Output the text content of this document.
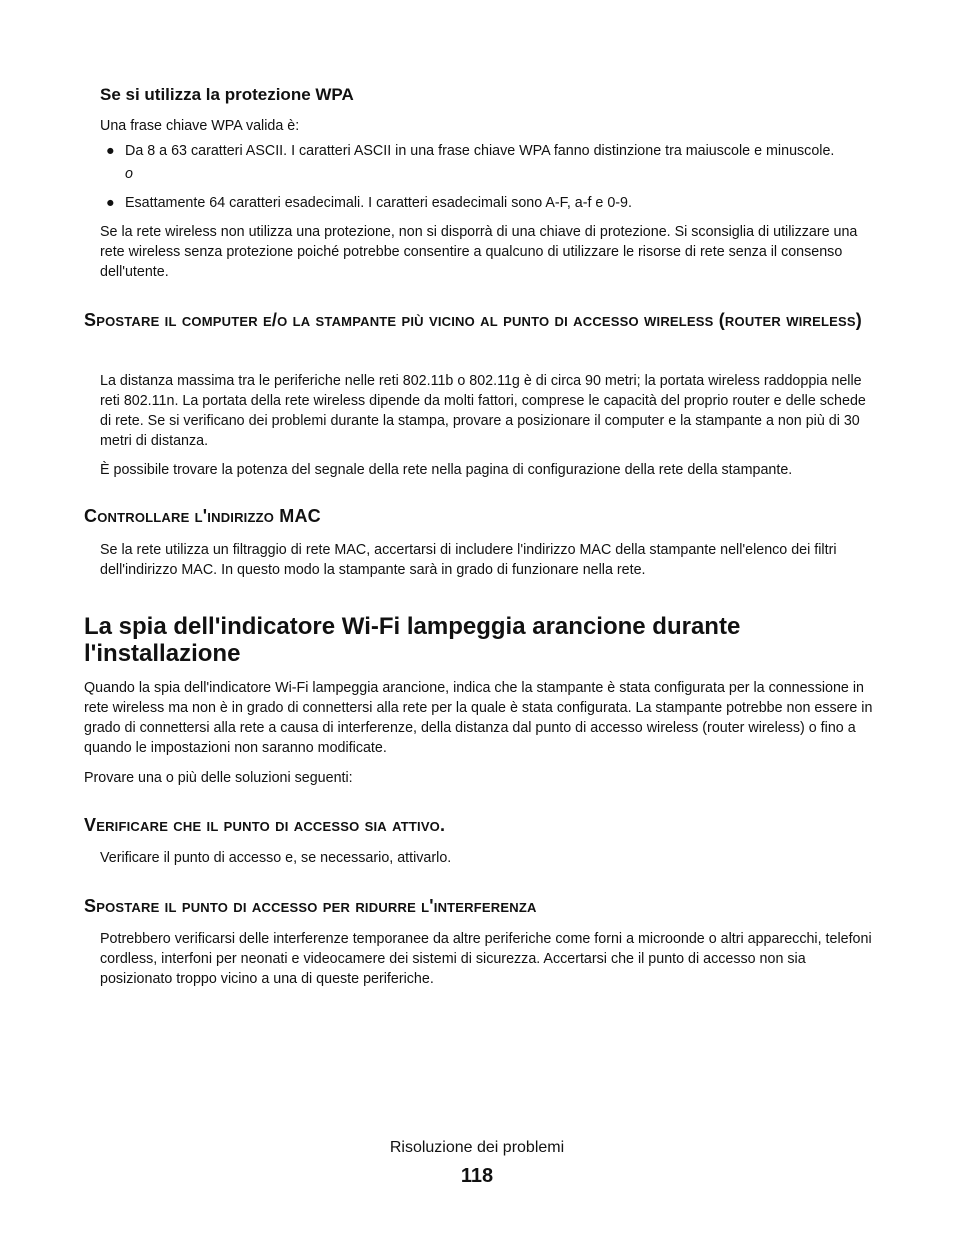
Se si utilizza la protezione WPA

Una frase chiave WPA valida è:

● Da 8 a 63 caratteri ASCII. I caratteri ASCII in una frase chiave WPA fanno distinzione tra maiuscole e minuscole.
o
● Esattamente 64 caratteri esadecimali. I caratteri esadecimali sono A-F, a-f e 0-9.

Se la rete wireless non utilizza una protezione, non si disporrà di una chiave di protezione. Si sconsiglia di utilizzare una rete wireless senza protezione poiché potrebbe consentire a qualcuno di utilizzare le risorse di rete senza il consenso dell'utente.

Spostare il computer e/o la stampante più vicino al punto di accesso wireless (router wireless)

La distanza massima tra le periferiche nelle reti 802.11b o 802.11g è di circa 90 metri; la portata wireless raddoppia nelle reti 802.11n. La portata della rete wireless dipende da molti fattori, comprese le capacità del proprio router e delle schede di rete. Se si verificano dei problemi durante la stampa, provare a posizionare il computer e la stampante a non più di 30 metri di distanza.

È possibile trovare la potenza del segnale della rete nella pagina di configurazione della rete della stampante.

Controllare l'indirizzo MAC

Se la rete utilizza un filtraggio di rete MAC, accertarsi di includere l'indirizzo MAC della stampante nell'elenco dei filtri dell'indirizzo MAC. In questo modo la stampante sarà in grado di funzionare nella rete.

La spia dell'indicatore Wi-Fi lampeggia arancione durante l'installazione

Quando la spia dell'indicatore Wi-Fi lampeggia arancione, indica che la stampante è stata configurata per la connessione in rete wireless ma non è in grado di connettersi alla rete per la quale è stata configurata. La stampante potrebbe non essere in grado di connettersi alla rete a causa di interferenze, della distanza dal punto di accesso wireless (router wireless) o fino a quando le impostazioni non saranno modificate.

Provare una o più delle soluzioni seguenti:

Verificare che il punto di accesso sia attivo.

Verificare il punto di accesso e, se necessario, attivarlo.

Spostare il punto di accesso per ridurre l'interferenza

Potrebbero verificarsi delle interferenze temporanee da altre periferiche come forni a microonde o altri apparecchi, telefoni cordless, interfoni per neonati e videocamere dei sistemi di sicurezza. Accertarsi che il punto di accesso non sia posizionato troppo vicino a una di queste periferiche.

Risoluzione dei problemi
118
